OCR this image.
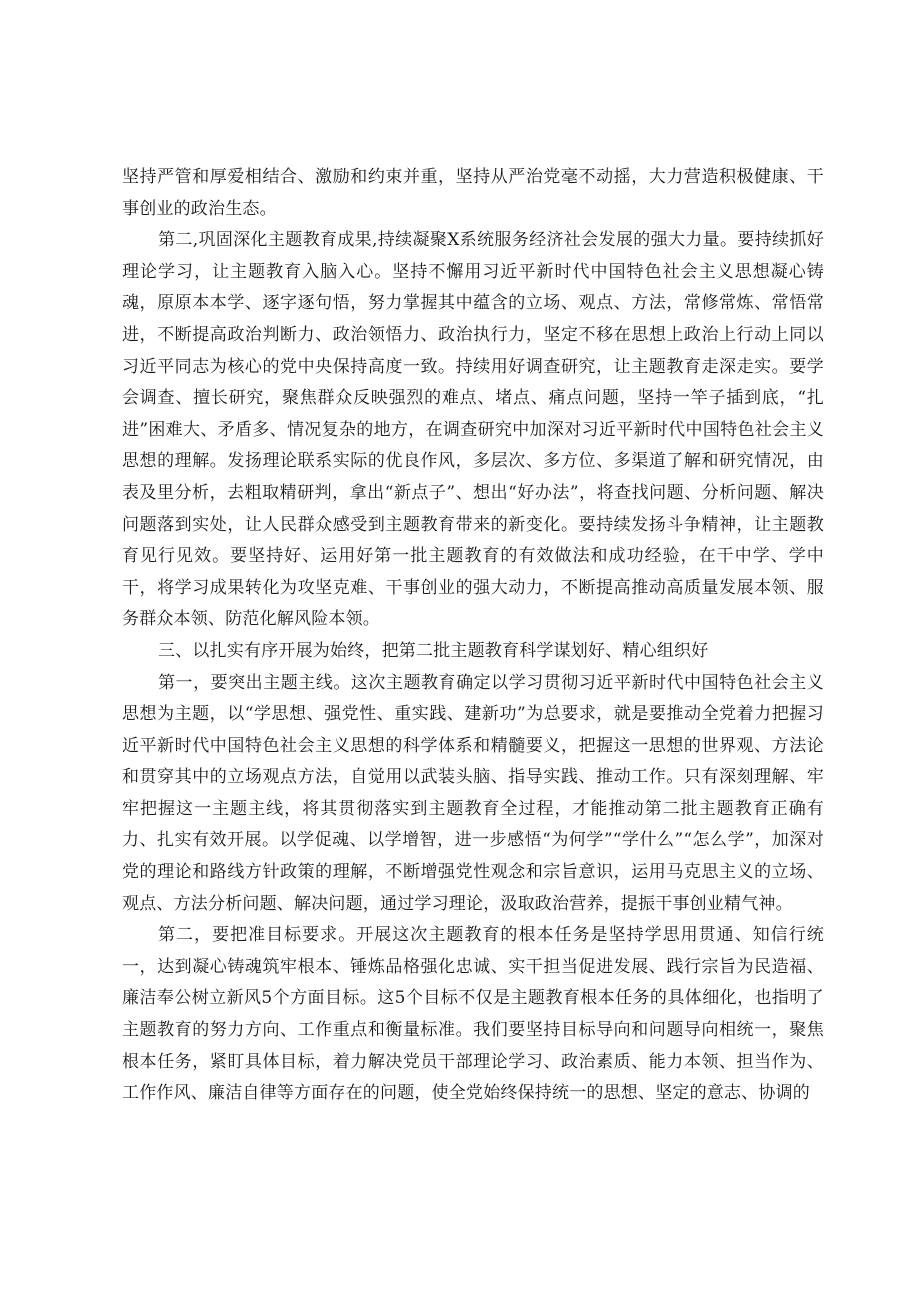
坚持严管和厚爱相结合、激励和约束并重，坚持从严治党毫不动摇，大力营造积极健康、干事创业的政治生态。

第二,巩固深化主题教育成果,持续凝聚X系统服务经济社会发展的强大力量。要持续抓好理论学习，让主题教育入脑入心。坚持不懈用习近平新时代中国特色社会主义思想凝心铸魂，原原本本学、逐字逐句悟，努力掌握其中蕴含的立场、观点、方法，常修常炼、常悟常进，不断提高政治判断力、政治领悟力、政治执行力，坚定不移在思想上政治上行动上同以习近平同志为核心的党中央保持高度一致。持续用好调查研究，让主题教育走深走实。要学会调查、擅长研究，聚焦群众反映强烈的难点、堵点、痛点问题，坚持一竿子插到底，“扎进”困难大、矛盾多、情况复杂的地方，在调查研究中加深对习近平新时代中国特色社会主义思想的理解。发扬理论联系实际的优良作风，多层次、多方位、多渠道了解和研究情况，由表及里分析，去粗取精研判，拿出“新点子”、想出“好办法”，将查找问题、分析问题、解决问题落到实处，让人民群众感受到主题教育带来的新变化。要持续发扬斗争精神，让主题教育见行见效。要坚持好、运用好第一批主题教育的有效做法和成功经验，在干中学、学中干，将学习成果转化为攻坚克难、干事创业的强大动力，不断提高推动高质量发展本领、服务群众本领、防范化解风险本领。

三、以扎实有序开展为始终，把第二批主题教育科学谋划好、精心组织好

第一，要突出主题主线。这次主题教育确定以学习贯彻习近平新时代中国特色社会主义思想为主题，以“学思想、强党性、重实践、建新功”为总要求，就是要推动全党着力把握习近平新时代中国特色社会主义思想的科学体系和精髓要义，把握这一思想的世界观、方法论和贯穿其中的立场观点方法，自觉用以武装头脑、指导实践、推动工作。只有深刻理解、牢牢把握这一主题主线，将其贯彻落实到主题教育全过程，才能推动第二批主题教育正确有力、扎实有效开展。以学促魂、以学增智，进一步感悟“为何学”“学什么”“怎么学”，加深对党的理论和路线方针政策的理解，不断增强党性观念和宗旨意识，运用马克思主义的立场、观点、方法分析问题、解决问题，通过学习理论，汲取政治营养，提振干事创业精气神。

第二，要把准目标要求。开展这次主题教育的根本任务是坚持学思用贯通、知信行统一，达到凝心铸魂筑牢根本、锤炼品格强化忠诚、实干担当促进发展、践行宗旨为民造福、廉洁奉公树立新风5个方面目标。这5个目标不仅是主题教育根本任务的具体细化，也指明了主题教育的努力方向、工作重点和衡量标准。我们要坚持目标导向和问题导向相统一，聚焦根本任务，紧盯具体目标，着力解决党员干部理论学习、政治素质、能力本领、担当作为、工作作风、廉洁自律等方面存在的问题，使全党始终保持统一的思想、坚定的意志、协调的
